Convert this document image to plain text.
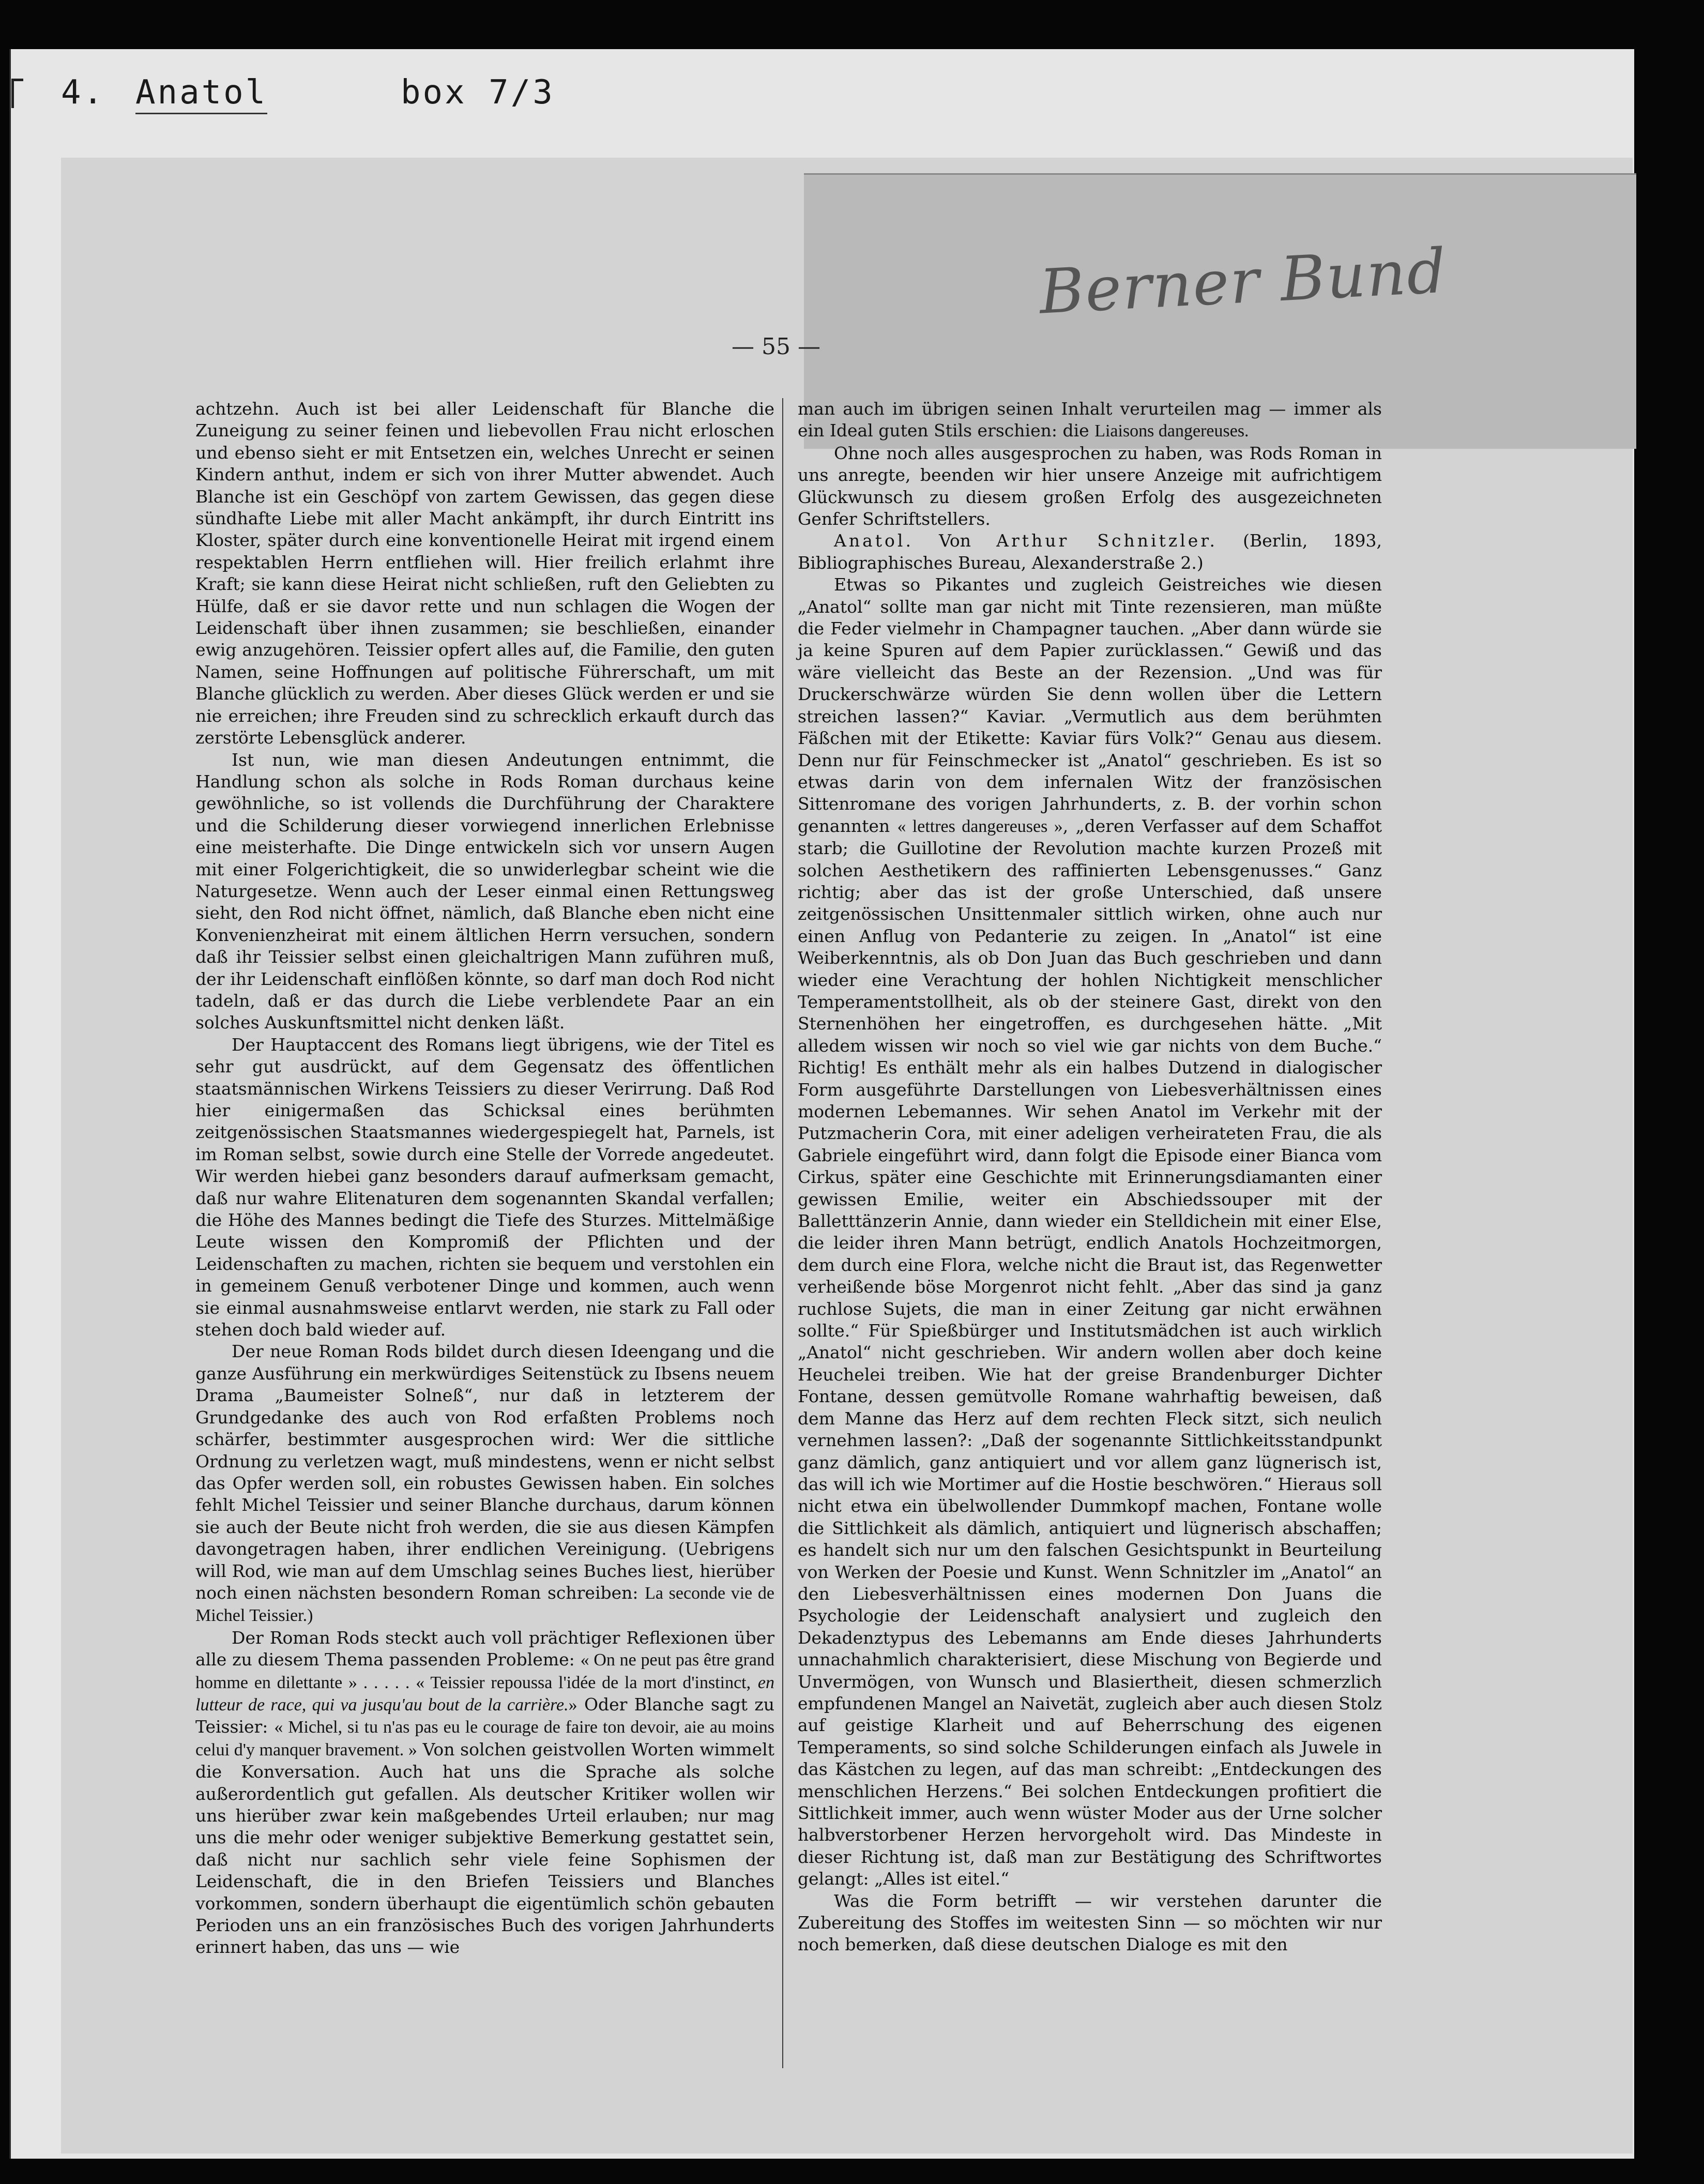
4. Anatol	box 7/3
Berner Bund
— 55 —

achtzehn. Auch ist bei aller Leidenschaft für Blanche die Zuneigung zu seiner feinen und liebevollen Frau nicht erloschen und ebenso sieht er mit Entsetzen ein, welches Unrecht er seinen Kindern anthut, indem er sich von ihrer Mutter abwendet. Auch Blanche ist ein Geschöpf von zartem Gewissen, das gegen diese sündhafte Liebe mit aller Macht ankämpft, ihr durch Eintritt ins Kloster, später durch eine konventionelle Heirat mit irgend einem respektablen Herrn entfliehen will. Hier freilich erlahmt ihre Kraft; sie kann diese Heirat nicht schließen, ruft den Geliebten zu Hülfe, daß er sie davor rette und nun schlagen die Wogen der Leidenschaft über ihnen zusammen; sie beschließen, einander ewig anzugehören. Teissier opfert alles auf, die Familie, den guten Namen, seine Hoffnungen auf politische Führerschaft, um mit Blanche glücklich zu werden. Aber dieses Glück werden er und sie nie erreichen; ihre Freuden sind zu schrecklich erkauft durch das zerstörte Lebensglück anderer.

Ist nun, wie man diesen Andeutungen entnimmt, die Handlung schon als solche in Rods Roman durchaus keine gewöhnliche, so ist vollends die Durchführung der Charaktere und die Schilderung dieser vorwiegend innerlichen Erlebnisse eine meisterhafte. Die Dinge entwickeln sich vor unsern Augen mit einer Folgerichtigkeit, die so unwiderlegbar scheint wie die Naturgesetze. Wenn auch der Leser einmal einen Rettungsweg sieht, den Rod nicht öffnet, nämlich, daß Blanche eben nicht eine Konvenienzheirat mit einem ältlichen Herrn versuchen, sondern daß ihr Teissier selbst einen gleichaltrigen Mann zuführen muß, der ihr Leidenschaft einflößen könnte, so darf man doch Rod nicht tadeln, daß er das durch die Liebe verblendete Paar an ein solches Auskunftsmittel nicht denken läßt.

Der Hauptaccent des Romans liegt übrigens, wie der Titel es sehr gut ausdrückt, auf dem Gegensatz des öffentlichen staatsmännischen Wirkens Teissiers zu dieser Verirrung. Daß Rod hier einigermaßen das Schicksal eines berühmten zeitgenössischen Staatsmannes wiedergespiegelt hat, Parnels, ist im Roman selbst, sowie durch eine Stelle der Vorrede angedeutet. Wir werden hiebei ganz besonders darauf aufmerksam gemacht, daß nur wahre Elitenaturen dem sogenannten Skandal verfallen; die Höhe des Mannes bedingt die Tiefe des Sturzes. Mittelmäßige Leute wissen den Kompromiß der Pflichten und der Leidenschaften zu machen, richten sie bequem und verstohlen ein in gemeinem Genuß verbotener Dinge und kommen, auch wenn sie einmal ausnahmsweise entlarvt werden, nie stark zu Fall oder stehen doch bald wieder auf.

Der neue Roman Rods bildet durch diesen Ideengang und die ganze Ausführung ein merkwürdiges Seitenstück zu Ibsens neuem Drama „Baumeister Solneß“, nur daß in letzterem der Grundgedanke des auch von Rod erfaßten Problems noch schärfer, bestimmter ausgesprochen wird: Wer die sittliche Ordnung zu verletzen wagt, muß mindestens, wenn er nicht selbst das Opfer werden soll, ein robustes Gewissen haben. Ein solches fehlt Michel Teissier und seiner Blanche durchaus, darum können sie auch der Beute nicht froh werden, die sie aus diesen Kämpfen davongetragen haben, ihrer endlichen Vereinigung. (Uebrigens will Rod, wie man auf dem Umschlag seines Buches liest, hierüber noch einen nächsten besondern Roman schreiben: La seconde vie de Michel Teissier.)

Der Roman Rods steckt auch voll prächtiger Reflexionen über alle zu diesem Thema passenden Probleme: « On ne peut pas être grand homme en dilettante » . . . . . « Teissier repoussa l'idée de la mort d'instinct, en lutteur de race, qui va jusqu'au bout de la carrière.» Oder Blanche sagt zu Teissier: « Michel, si tu n'as pas eu le courage de faire ton devoir, aie au moins celui d'y manquer bravement. » Von solchen geistvollen Worten wimmelt die Konversation. Auch hat uns die Sprache als solche außerordentlich gut gefallen. Als deutscher Kritiker wollen wir uns hierüber zwar kein maßgebendes Urteil erlauben; nur mag uns die mehr oder weniger subjektive Bemerkung gestattet sein, daß nicht nur sachlich sehr viele feine Sophismen der Leidenschaft, die in den Briefen Teissiers und Blanches vorkommen, sondern überhaupt die eigentümlich schön gebauten Perioden uns an ein französisches Buch des vorigen Jahrhunderts erinnert haben, das uns — wie

man auch im übrigen seinen Inhalt verurteilen mag — immer als ein Ideal guten Stils erschien: die Liaisons dangereuses.

Ohne noch alles ausgesprochen zu haben, was Rods Roman in uns anregte, beenden wir hier unsere Anzeige mit aufrichtigem Glückwunsch zu diesem großen Erfolg des ausgezeichneten Genfer Schriftstellers.

Anatol. Von Arthur Schnitzler. (Berlin, 1893, Bibliographisches Bureau, Alexanderstraße 2.)

Etwas so Pikantes und zugleich Geistreiches wie diesen „Anatol“ sollte man gar nicht mit Tinte rezensieren, man müßte die Feder vielmehr in Champagner tauchen. „Aber dann würde sie ja keine Spuren auf dem Papier zurücklassen.“ Gewiß und das wäre vielleicht das Beste an der Rezension. „Und was für Druckerschwärze würden Sie denn wollen über die Lettern streichen lassen?“ Kaviar. „Vermutlich aus dem berühmten Fäßchen mit der Etikette: Kaviar fürs Volk?“ Genau aus diesem. Denn nur für Feinschmecker ist „Anatol“ geschrieben. Es ist so etwas darin von dem infernalen Witz der französischen Sittenromane des vorigen Jahrhunderts, z. B. der vorhin schon genannten « lettres dangereuses », „deren Verfasser auf dem Schaffot starb; die Guillotine der Revolution machte kurzen Prozeß mit solchen Aesthetikern des raffinierten Lebensgenusses.“ Ganz richtig; aber das ist der große Unterschied, daß unsere zeitgenössischen Unsittenmaler sittlich wirken, ohne auch nur einen Anflug von Pedanterie zu zeigen. In „Anatol“ ist eine Weiberkenntnis, als ob Don Juan das Buch geschrieben und dann wieder eine Verachtung der hohlen Nichtigkeit menschlicher Temperamentstollheit, als ob der steinere Gast, direkt von den Sternenhöhen her eingetroffen, es durchgesehen hätte. „Mit alledem wissen wir noch so viel wie gar nichts von dem Buche.“ Richtig! Es enthält mehr als ein halbes Dutzend in dialogischer Form ausgeführte Darstellungen von Liebesverhältnissen eines modernen Lebemannes. Wir sehen Anatol im Verkehr mit der Putzmacherin Cora, mit einer adeligen verheirateten Frau, die als Gabriele eingeführt wird, dann folgt die Episode einer Bianca vom Cirkus, später eine Geschichte mit Erinnerungsdiamanten einer gewissen Emilie, weiter ein Abschiedssouper mit der Balletttänzerin Annie, dann wieder ein Stelldichein mit einer Else, die leider ihren Mann betrügt, endlich Anatols Hochzeitmorgen, dem durch eine Flora, welche nicht die Braut ist, das Regenwetter verheißende böse Morgenrot nicht fehlt. „Aber das sind ja ganz ruchlose Sujets, die man in einer Zeitung gar nicht erwähnen sollte.“ Für Spießbürger und Institutsmädchen ist auch wirklich „Anatol“ nicht geschrieben. Wir andern wollen aber doch keine Heuchelei treiben. Wie hat der greise Brandenburger Dichter Fontane, dessen gemütvolle Romane wahrhaftig beweisen, daß dem Manne das Herz auf dem rechten Fleck sitzt, sich neulich vernehmen lassen?: „Daß der sogenannte Sittlichkeitsstandpunkt ganz dämlich, ganz antiquiert und vor allem ganz lügnerisch ist, das will ich wie Mortimer auf die Hostie beschwören.“ Hieraus soll nicht etwa ein übelwollender Dummkopf machen, Fontane wolle die Sittlichkeit als dämlich, antiquiert und lügnerisch abschaffen; es handelt sich nur um den falschen Gesichtspunkt in Beurteilung von Werken der Poesie und Kunst. Wenn Schnitzler im „Anatol“ an den Liebesverhältnissen eines modernen Don Juans die Psychologie der Leidenschaft analysiert und zugleich den Dekadenztypus des Lebemanns am Ende dieses Jahrhunderts unnachahmlich charakterisiert, diese Mischung von Begierde und Unvermögen, von Wunsch und Blasiertheit, diesen schmerzlich empfundenen Mangel an Naivetät, zugleich aber auch diesen Stolz auf geistige Klarheit und auf Beherrschung des eigenen Temperaments, so sind solche Schilderungen einfach als Juwele in das Kästchen zu legen, auf das man schreibt: „Entdeckungen des menschlichen Herzens.“ Bei solchen Entdeckungen profitiert die Sittlichkeit immer, auch wenn wüster Moder aus der Urne solcher halbverstorbener Herzen hervorgeholt wird. Das Mindeste in dieser Richtung ist, daß man zur Bestätigung des Schriftwortes gelangt: „Alles ist eitel.“

Was die Form betrifft — wir verstehen darunter die Zubereitung des Stoffes im weitesten Sinn — so möchten wir nur noch bemerken, daß diese deutschen Dialoge es mit den
